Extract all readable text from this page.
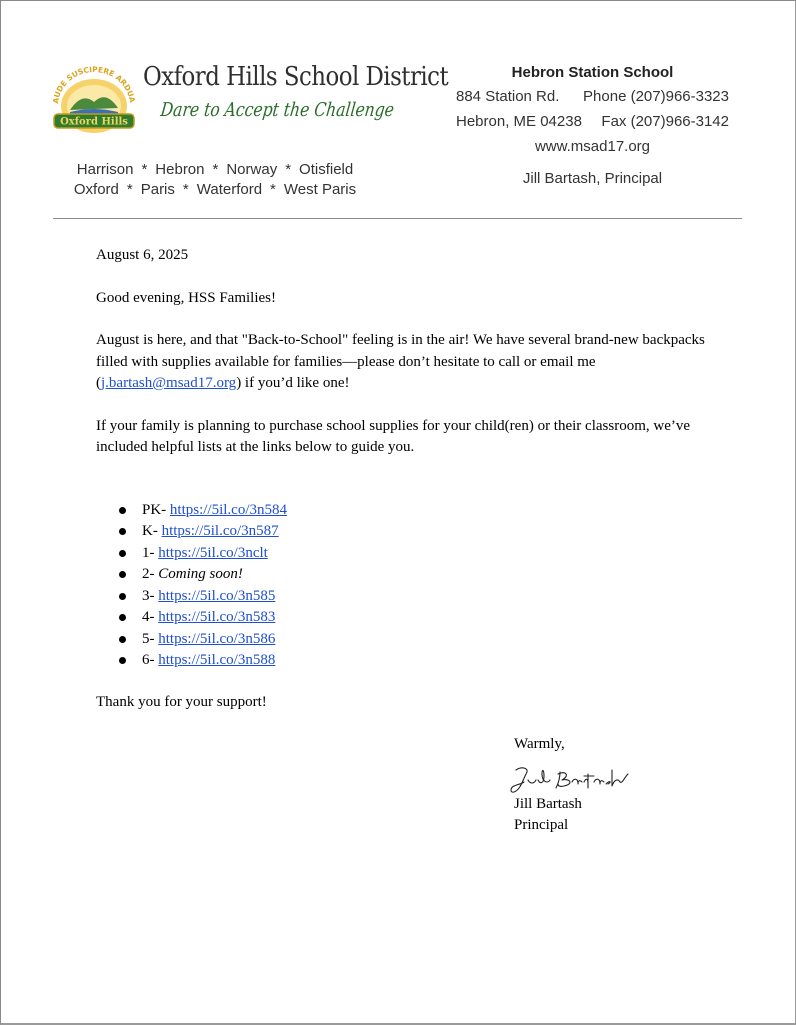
AUDE SUSCIPERE ARDUA
Oxford Hills
Oxford Hills School District
Dare to Accept the Challenge
Harrison * Hebron * Norway * Otisfield
Oxford * Paris * Waterford * West Paris
Hebron Station School
884 Station Rd. Phone (207)966-3323
Hebron, ME 04238 Fax (207)966-3142
www.msad17.org
Jill Bartash, Principal

August 6, 2025

Good evening, HSS Families!

August is here, and that "Back-to-School" feeling is in the air! We have several brand-new backpacks filled with supplies available for families—please don’t hesitate to call or email me (j.bartash@msad17.org) if you’d like one!

If your family is planning to purchase school supplies for your child(ren) or their classroom, we’ve included helpful lists at the links below to guide you.

PK- https://5il.co/3n584
K- https://5il.co/3n587
1- https://5il.co/3nclt
2- Coming soon!
3- https://5il.co/3n585
4- https://5il.co/3n583
5- https://5il.co/3n586
6- https://5il.co/3n588

Thank you for your support!

Warmly,
Jill Bartash
Principal
